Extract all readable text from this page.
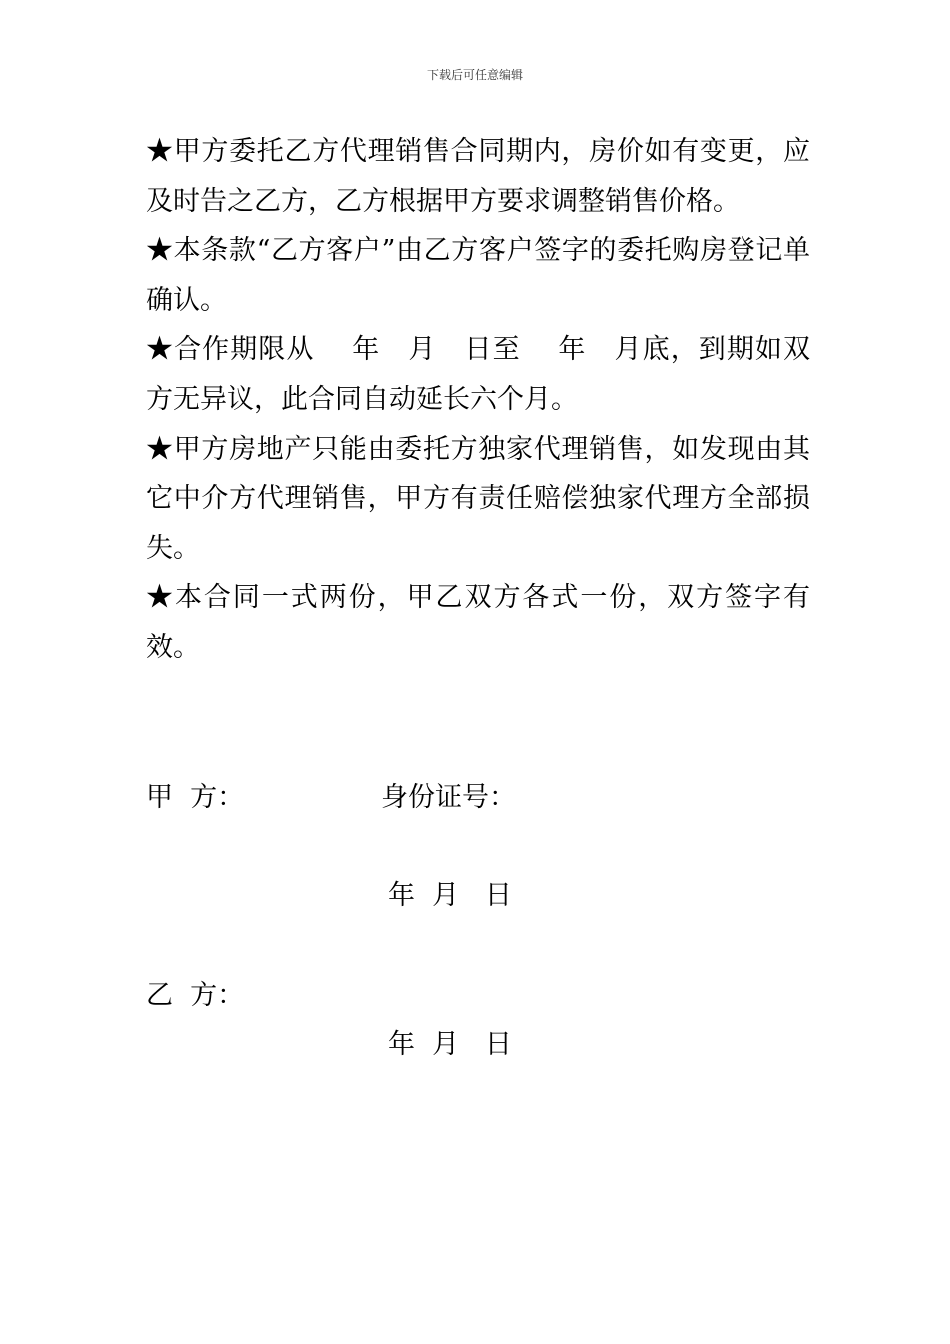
下载后可任意编辑

★甲方委托乙方代理销售合同期内，房价如有变更，应及时告之乙方，乙方根据甲方要求调整销售价格。

★本条款“乙方客户”由乙方客户签字的委托购房登记单确认。

★合作期限从　 年　月　日至　 年　月底，到期如双方无异议，此合同自动延长六个月。

★甲方房地产只能由委托方独家代理销售，如发现由其它中介方代理销售，甲方有责任赔偿独家代理方全部损失。

★本合同一式两份，甲乙双方各式一份，双方签字有效。

甲  方：	身份证号：
年  月   日
乙  方：
年  月   日
